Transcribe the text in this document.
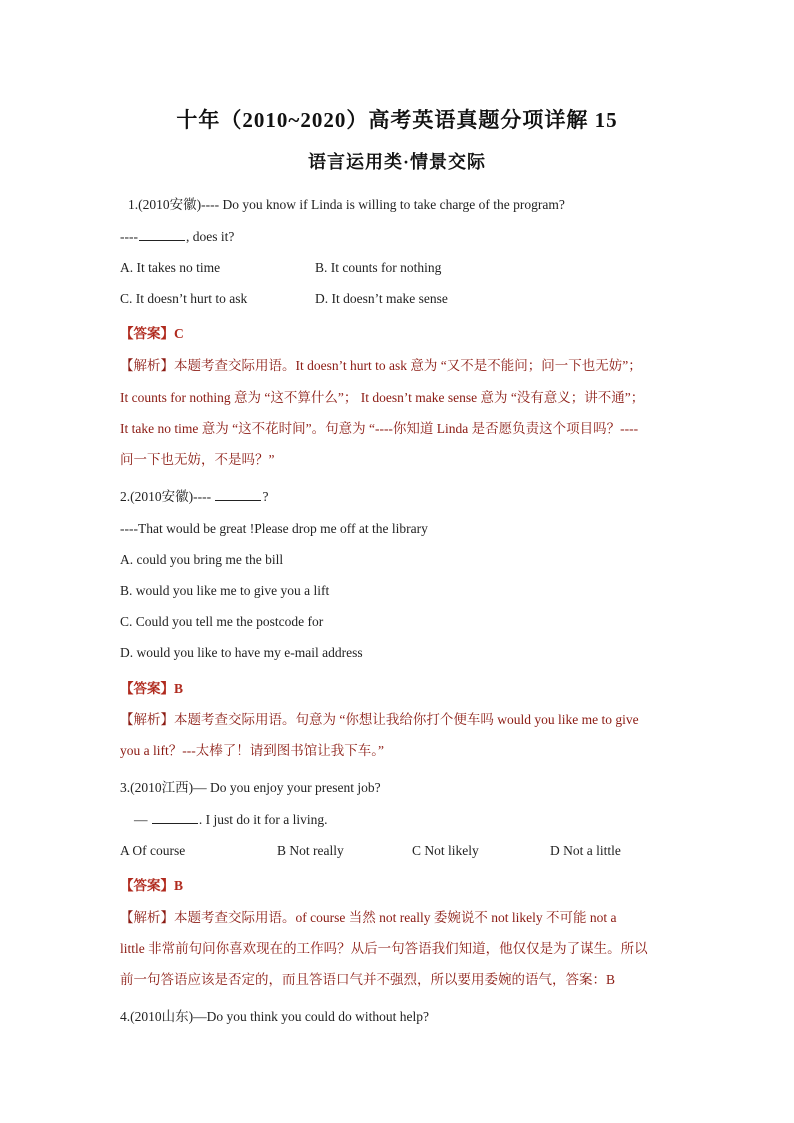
十年（2010~2020）高考英语真题分项详解 15
语言运用类·情景交际
1.(2010安徽)---- Do you know if Linda is willing to take charge of the program?
----	, does it?
A. It takes no time	B. It counts for nothing
C. It doesn’t hurt to ask	D. It doesn’t make sense
【答案】C
【解析】本题考查交际用语。It doesn’t hurt to ask 意为 “又不是不能问；问一下也无妨”；
It counts for nothing 意为 “这不算什么”； It doesn’t make sense 意为 “没有意义；讲不通”；
It take no time 意为 “这不花时间”。句意为 “----你知道 Linda 是否愿负责这个项目吗？----
问一下也无妨，不是吗？”
2.(2010安徽)----	?
----That would be great !Please drop me off at the library
A. could you bring me the bill
B. would you like me to give you a lift
C. Could you tell me the postcode for
D. would you like to have my e-mail address
【答案】B
【解析】本题考查交际用语。句意为 “你想让我给你打个便车吗 would you like me to give
you a lift？---太棒了！请到图书馆让我下车。”
3.(2010江西)— Do you enjoy your present job?
—	. I just do it for a living.
A Of course	B Not really	C Not likely	D Not a little
【答案】B
【解析】本题考查交际用语。of course 当然 not really 委婉说不 not likely 不可能 not a
little 非常前句问你喜欢现在的工作吗？从后一句答语我们知道，他仅仅是为了谋生。所以
前一句答语应该是否定的，而且答语口气并不强烈，所以要用委婉的语气，答案：B
4.(2010山东)—Do you think you could do without help?
